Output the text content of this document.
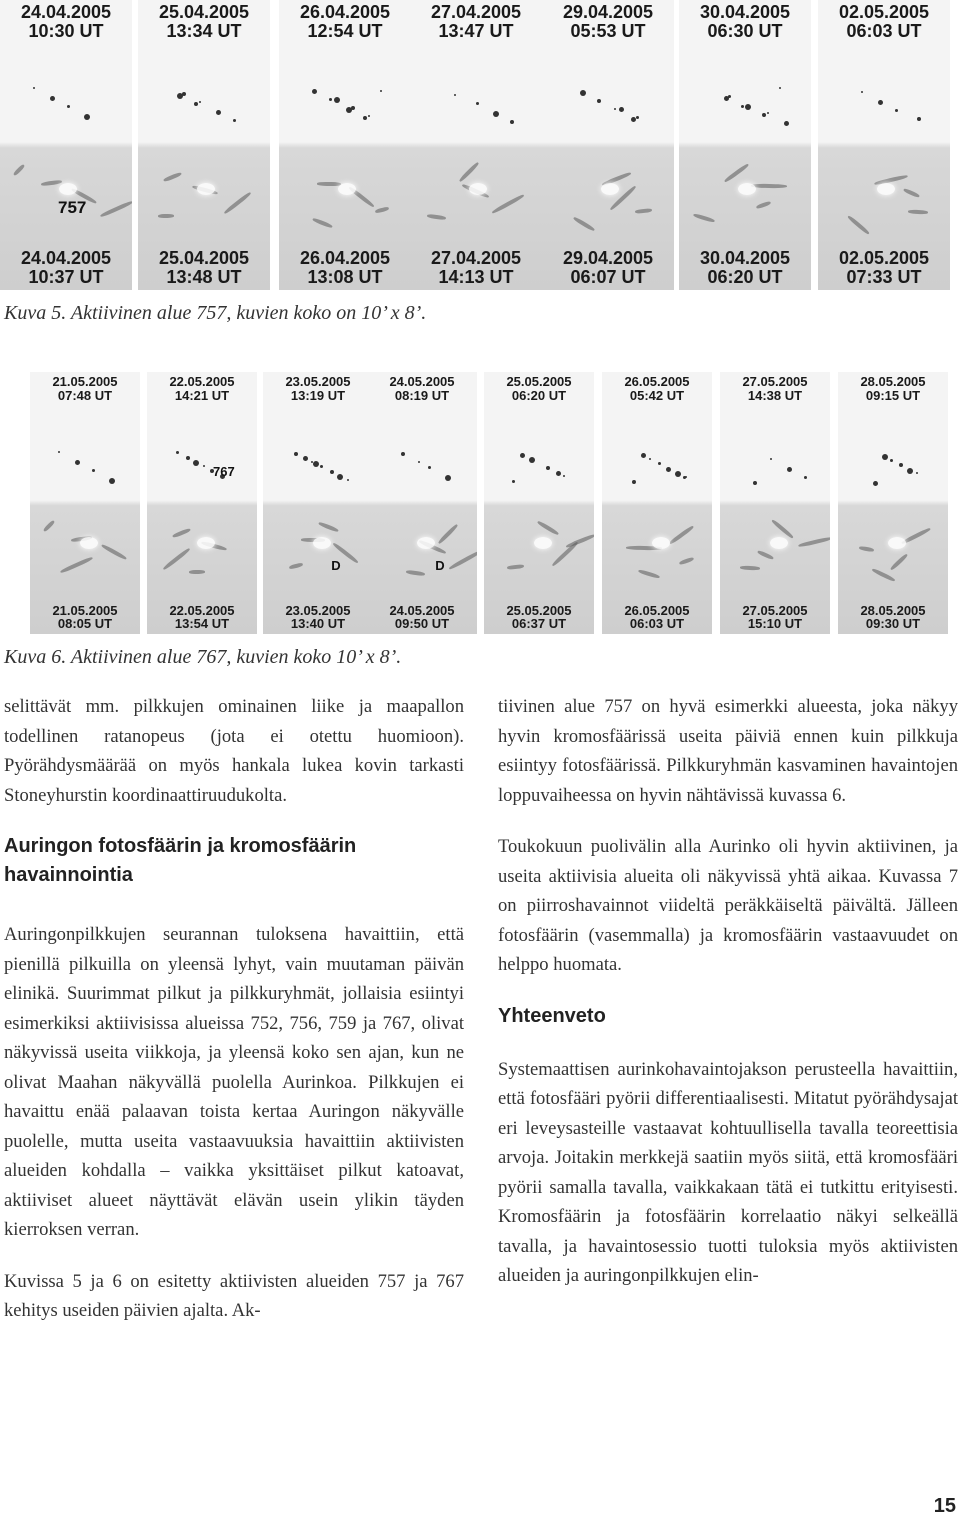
24.04.2005
10:30 UT
24.04.2005
10:37 UT
757
25.04.2005
13:34 UT
25.04.2005
13:48 UT
26.04.2005
12:54 UT
26.04.2005
13:08 UT
27.04.2005
13:47 UT
27.04.2005
14:13 UT
29.04.2005
05:53 UT
29.04.2005
06:07 UT
30.04.2005
06:30 UT
30.04.2005
06:20 UT
02.05.2005
06:03 UT
02.05.2005
07:33 UT
Kuva 5. Aktiivinen alue 757, kuvien koko on 10’ x 8’.
21.05.2005
07:48 UT
21.05.2005
08:05 UT
22.05.2005
14:21 UT
22.05.2005
13:54 UT
767
23.05.2005
13:19 UT
23.05.2005
13:40 UT
D
24.05.2005
08:19 UT
24.05.2005
09:50 UT
D
25.05.2005
06:20 UT
25.05.2005
06:37 UT
26.05.2005
05:42 UT
26.05.2005
06:03 UT
27.05.2005
14:38 UT
27.05.2005
15:10 UT
28.05.2005
09:15 UT
28.05.2005
09:30 UT
Kuva 6. Aktiivinen alue 767, kuvien koko 10’ x 8’.

selittävät mm. pilkkujen ominainen liike ja maapallon todellinen ratanopeus (jota ei otettu huomioon). Pyörähdysmäärää on myös hankala lukea kovin tarkasti Stoneyhurstin koordinaattiruudukolta.

Auringon fotosfäärin ja kromosfäärin havainnointia

Auringonpilkkujen seurannan tuloksena havaittiin, että pienillä pilkuilla on yleensä lyhyt, vain muutaman päivän elinikä. Suurimmat pilkut ja pilkkuryhmät, jollaisia esiintyi esimerkiksi aktiivisissa alueissa 752, 756, 759 ja 767, olivat näkyvissä useita viikkoja, ja yleensä koko sen ajan, kun ne olivat Maahan näkyvällä puolella Aurinkoa. Pilkkujen ei havaittu enää palaavan toista kertaa Auringon näkyvälle puolelle, mutta useita vastaavuuksia havaittiin aktiivisten alueiden kohdalla – vaikka yksittäiset pilkut katoavat, aktiiviset alueet näyttävät elävän usein ylikin täyden kierroksen verran.

Kuvissa 5 ja 6 on esitetty aktiivisten alueiden 757 ja 767 kehitys useiden päivien ajalta. Ak-

tiivinen alue 757 on hyvä esimerkki alueesta, joka näkyy hyvin kromosfäärissä useita päiviä ennen kuin pilkkuja esiintyy fotosfäärissä. Pilkkuryhmän kasvaminen havaintojen loppuvaiheessa on hyvin nähtävissä kuvassa 6.

Toukokuun puolivälin alla Aurinko oli hyvin aktiivinen, ja useita aktiivisia alueita oli näkyvissä yhtä aikaa. Kuvassa 7 on piirroshavainnot viideltä peräkkäiseltä päivältä. Jälleen fotosfäärin (vasemmalla) ja kromosfäärin vastaavuudet on helppo huomata.

Yhteenveto

Systemaattisen aurinkohavaintojakson perusteella havaittiin, että fotosfääri pyörii differentiaalisesti. Mitatut pyörähdysajat eri leveysasteille vastaavat kohtuullisella tavalla teoreettisia arvoja. Joitakin merkkejä saatiin myös siitä, että kromosfääri pyörii samalla tavalla, vaikkakaan tätä ei tutkittu erityisesti. Kromosfäärin ja fotosfäärin korrelaatio näkyi selkeällä tavalla, ja havaintosessio tuotti tuloksia myös aktiivisten alueiden ja auringonpilkkujen elin-

15
